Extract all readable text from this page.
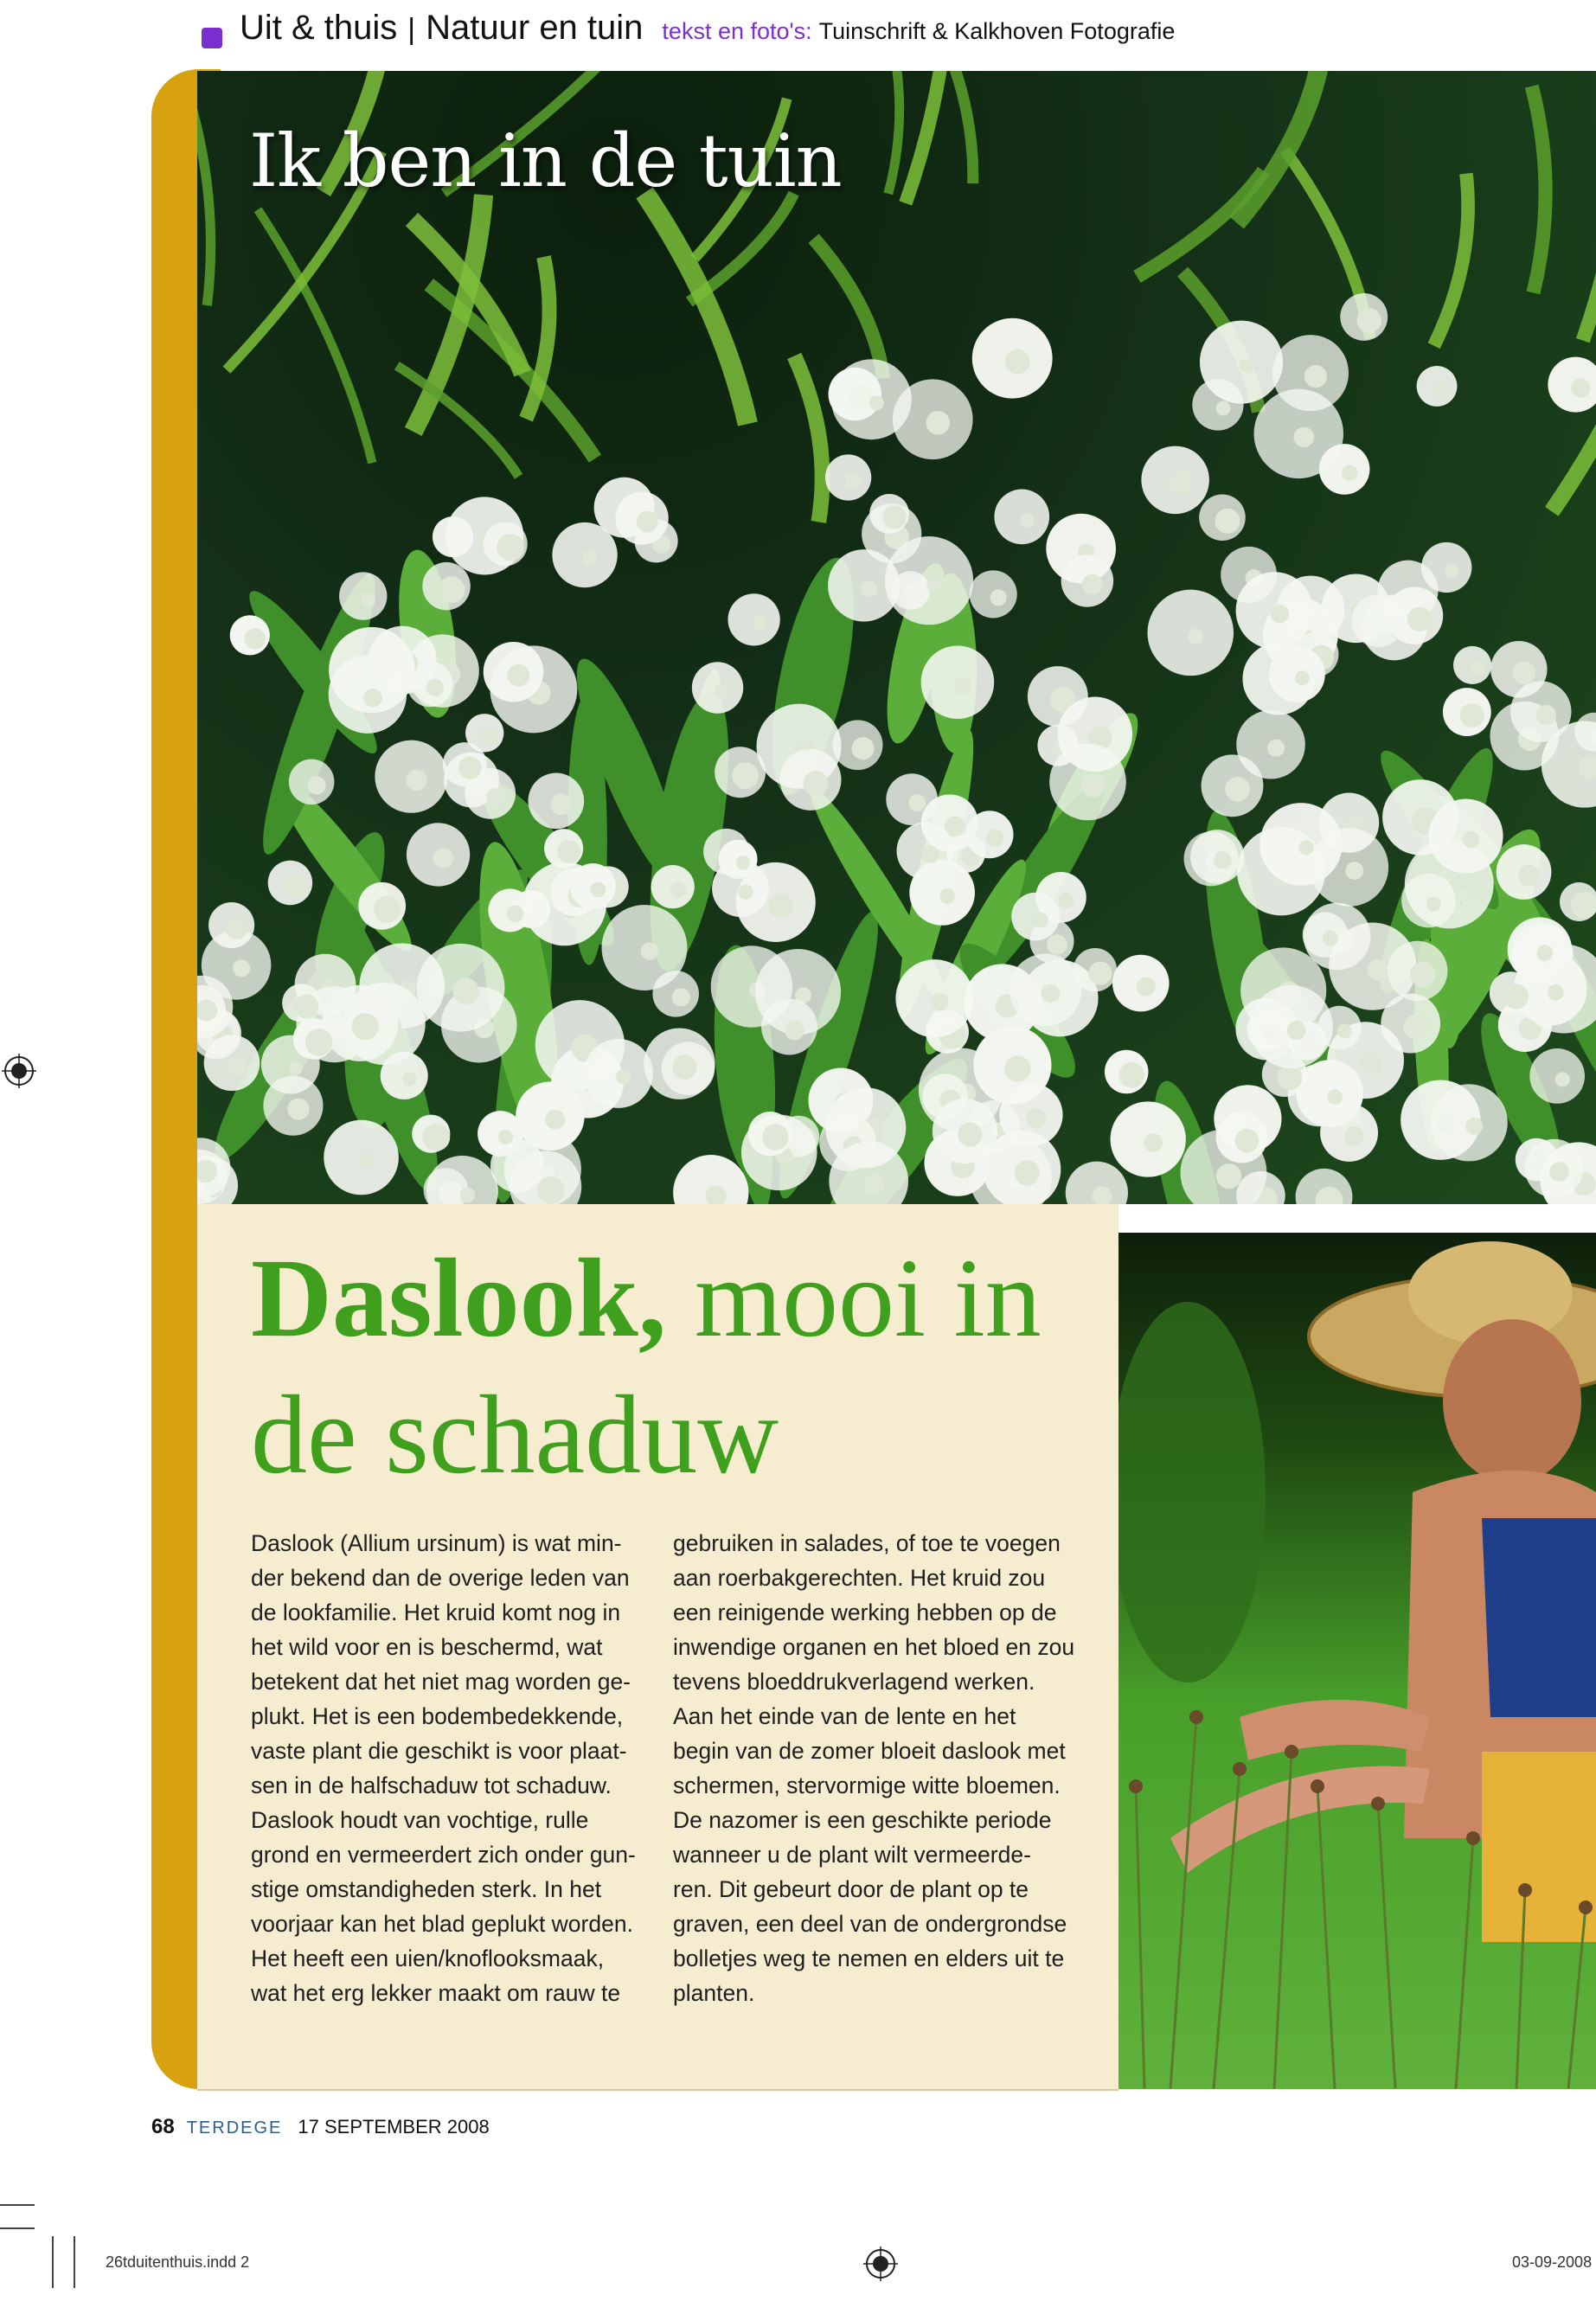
Uit & thuis | Natuur en tuin tekst en foto's: Tuinschrift & Kalkhoven Fotografie
Ik ben in de tuin
Daslook, mooi in
de schaduw
Daslook (Allium ursinum) is wat min-
der bekend dan de overige leden van
de lookfamilie. Het kruid komt nog in
het wild voor en is beschermd, wat
betekent dat het niet mag worden ge-
plukt. Het is een bodembedekkende,
vaste plant die geschikt is voor plaat-
sen in de halfschaduw tot schaduw.
Daslook houdt van vochtige, rulle
grond en vermeerdert zich onder gun-
stige omstandigheden sterk. In het
voorjaar kan het blad geplukt worden.
Het heeft een uien/knoflooksmaak,
wat het erg lekker maakt om rauw te
gebruiken in salades, of toe te voegen
aan roerbakgerechten. Het kruid zou
een reinigende werking hebben op de
inwendige organen en het bloed en zou
tevens bloeddrukverlagend werken.
Aan het einde van de lente en het
begin van de zomer bloeit daslook met
schermen, stervormige witte bloemen.
De nazomer is een geschikte periode
wanneer u de plant wilt vermeerde-
ren. Dit gebeurt door de plant op te
graven, een deel van de ondergrondse
bolletjes weg te nemen en elders uit te
planten.
68 TERDEGE 17 SEPTEMBER 2008
26tduitenthuis.indd 2	03-09-2008
